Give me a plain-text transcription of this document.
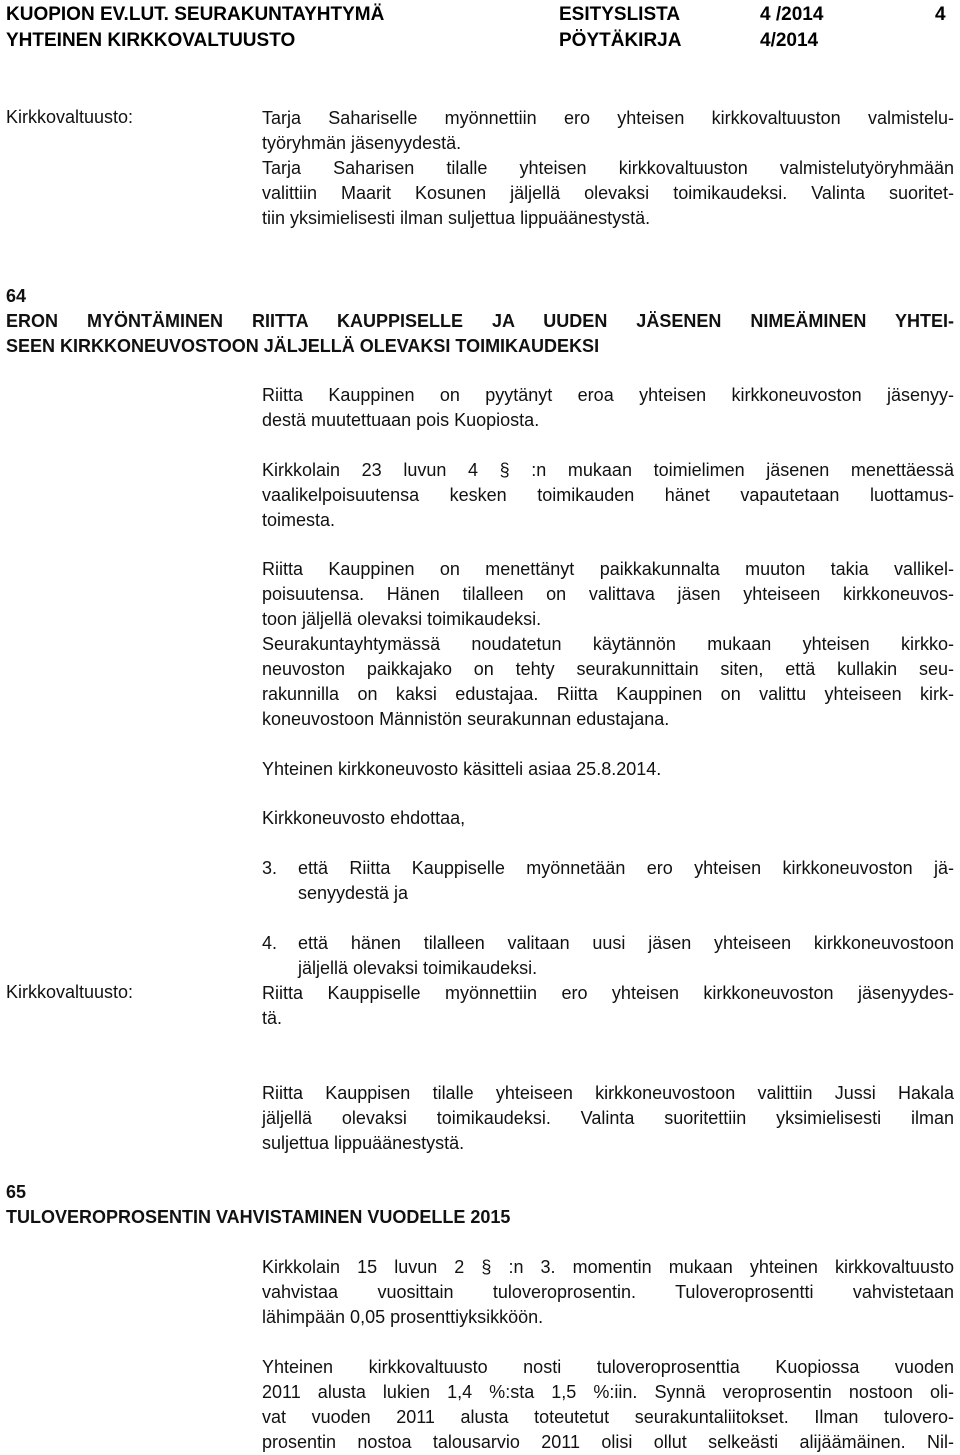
KUOPION EV.LUT. SEURAKUNTAYHTYMÄ
YHTEINEN KIRKKOVALTUUSTO
ESITYSLISTA
PÖYTÄKIRJA
4 /2014
4/2014
4
Kirkkovaltuusto:	Tarja Sahariselle myönnettiin ero yhteisen kirkkovaltuuston valmistelu-
työryhmän jäsenyydestä.
Tarja Saharisen tilalle yhteisen kirkkovaltuuston valmistelutyöryhmään
valittiin Maarit Kosunen jäljellä olevaksi toimikaudeksi. Valinta suoritet-
tiin yksimielisesti ilman suljettua lippuäänestystä.
64
ERON MYÖNTÄMINEN RIITTA KAUPPISELLE JA UUDEN JÄSENEN NIMEÄMINEN YHTEI-
SEEN KIRKKONEUVOSTOON JÄLJELLÄ OLEVAKSI TOIMIKAUDEKSI
Riitta Kauppinen on pyytänyt eroa yhteisen kirkkoneuvoston jäsenyy-
destä muutettuaan pois Kuopiosta.
Kirkkolain 23 luvun 4 § :n mukaan toimielimen jäsenen menettäessä
vaalikelpoisuutensa kesken toimikauden hänet vapautetaan luottamus-
toimesta.
Riitta Kauppinen on menettänyt paikkakunnalta muuton takia vallikel-
poisuutensa. Hänen tilalleen on valittava jäsen yhteiseen kirkkoneuvos-
toon jäljellä olevaksi toimikaudeksi.
Seurakuntayhtymässä noudatetun käytännön mukaan yhteisen kirkko-
neuvoston paikkajako on tehty seurakunnittain siten, että kullakin seu-
rakunnilla on kaksi edustajaa. Riitta Kauppinen on valittu yhteiseen kirk-
koneuvostoon Männistön seurakunnan edustajana.
Yhteinen kirkkoneuvosto käsitteli asiaa 25.8.2014.
Kirkkoneuvosto ehdottaa,
3. että Riitta Kauppiselle myönnetään ero yhteisen kirkkoneuvoston jä-
senyydestä ja
4. että hänen tilalleen valitaan uusi jäsen yhteiseen kirkkoneuvostoon
jäljellä olevaksi toimikaudeksi.
Kirkkovaltuusto:	Riitta Kauppiselle myönnettiin ero yhteisen kirkkoneuvoston jäsenyydes-
tä.
Riitta Kauppisen tilalle yhteiseen kirkkoneuvostoon valittiin Jussi Hakala
jäljellä olevaksi toimikaudeksi. Valinta suoritettiin yksimielisesti ilman
suljettua lippuäänestystä.
65
TULOVEROPROSENTIN VAHVISTAMINEN VUODELLE 2015
Kirkkolain 15 luvun 2 § :n 3. momentin mukaan yhteinen kirkkovaltuusto
vahvistaa vuosittain tuloveroprosentin. Tuloveroprosentti vahvistetaan
lähimpään 0,05 prosenttiyksikköön.
Yhteinen kirkkovaltuusto nosti tuloveroprosenttia Kuopiossa vuoden
2011 alusta lukien 1,4 %:sta 1,5 %:iin. Synnä veroprosentin nostoon oli-
vat vuoden 2011 alusta toteutetut seurakuntaliitokset. Ilman tulovero-
prosentin nostoa talousarvio 2011 olisi ollut selkeästi alijäämäinen. Nil-
